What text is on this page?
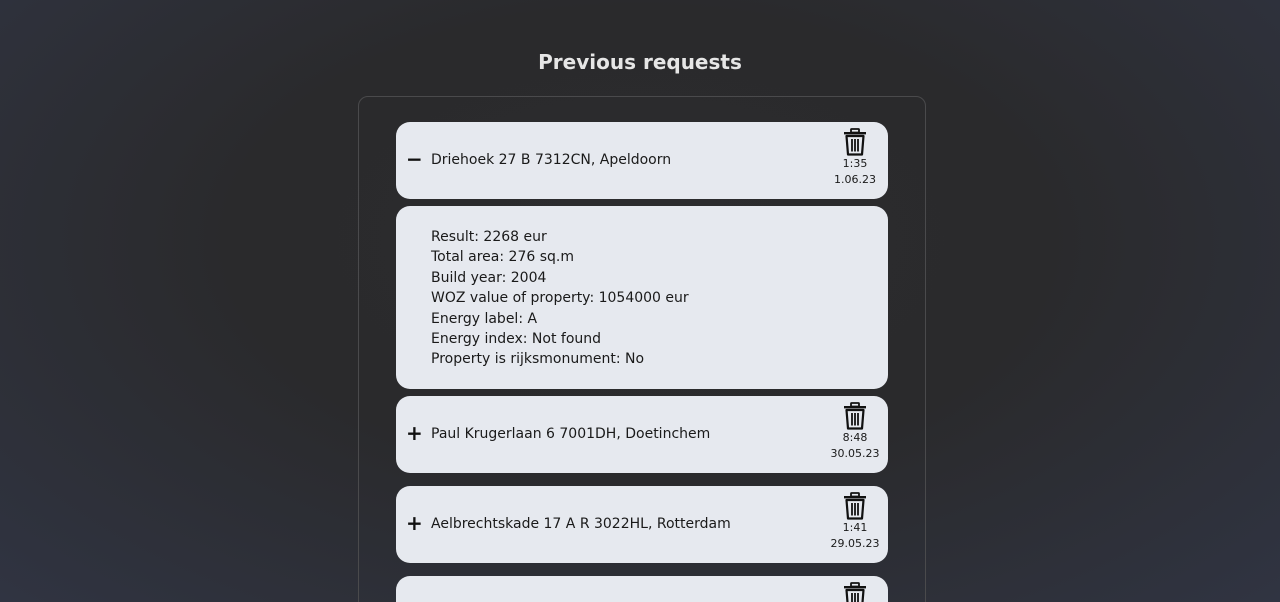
Previous requests
− Driehoek 27 B 7312CN, Apeldoorn	1:35
1.06.23
Result: 2268 eur
Total area: 276 sq.m
Build year: 2004
WOZ value of property: 1054000 eur
Energy label: A
Energy index: Not found
Property is rijksmonument: No
+ Paul Krugerlaan 6 7001DH, Doetinchem	8:48
30.05.23
+ Aelbrechtskade 17 A R 3022HL, Rotterdam	1:41
29.05.23
